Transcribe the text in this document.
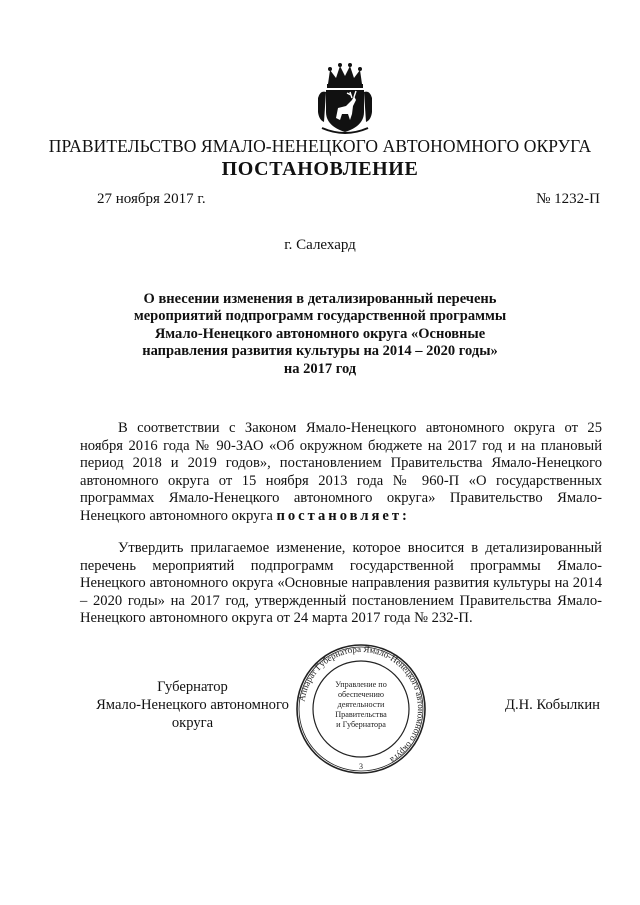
ПРАВИТЕЛЬСТВО ЯМАЛО-НЕНЕЦКОГО АВТОНОМНОГО ОКРУГА
ПОСТАНОВЛЕНИЕ
27 ноября 2017 г.	№ 1232-П
г. Салехард
О внесении изменения в детализированный перечень
мероприятий подпрограмм государственной программы
Ямало-Ненецкого автономного округа «Основные
направления развития культуры на 2014 – 2020 годы»
на 2017 год
В соответствии с Законом Ямало-Ненецкого автономного округа от 25 ноября 2016 года № 90-ЗАО «Об окружном бюджете на 2017 год и на плановый период 2018 и 2019 годов», постановлением Правительства Ямало-Ненецкого автономного округа от 15 ноября 2013 года № 960-П «О государственных программах Ямало-Ненецкого автономного округа» Правительство Ямало-Ненецкого автономного округа постановляет:
Утвердить прилагаемое изменение, которое вносится в детализированный перечень мероприятий подпрограмм государственной программы Ямало-Ненецкого автономного округа «Основные направления развития культуры на 2014 – 2020 годы» на 2017 год, утвержденный постановлением Правительства Ямало-Ненецкого автономного округа от 24 марта 2017 года № 232-П.
Губернатор
Ямало-Ненецкого автономного округа
Д.Н. Кобылкин
Аппарат Губернатора Ямало-Ненецкого автономного округа
Управление по
обеспечению
деятельности
Правительства
и Губернатора
3
